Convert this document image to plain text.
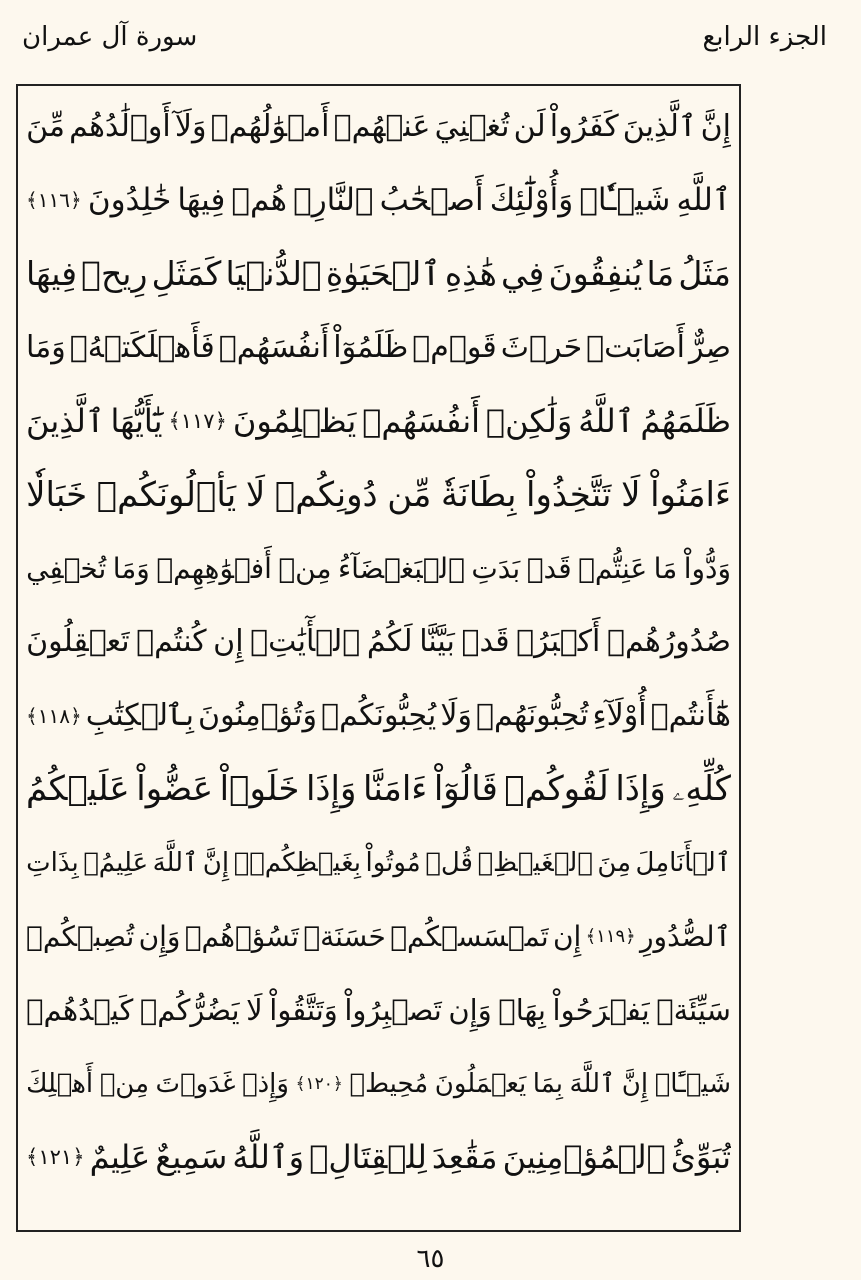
الجزء الرابع
سورة آل عمران
إِنَّ
ٱلَّذِينَ
كَفَرُواْ
لَن
تُغۡنِيَ
عَنۡهُمۡ
أَمۡوَٰلُهُمۡ
وَلَآ
أَوۡلَٰدُهُم
مِّنَ
ٱللَّهِ
شَيۡـٔٗاۖ
وَأُوْلَٰٓئِكَ
أَصۡحَٰبُ
ٱلنَّارِۖ
هُمۡ
فِيهَا
خَٰلِدُونَ
﴿١١٦﴾
مَثَلُ
مَا
يُنفِقُونَ
فِي
هَٰذِهِ
ٱلۡحَيَوٰةِ
ٱلدُّنۡيَا
كَمَثَلِ
رِيحٖ
فِيهَا
صِرٌّ
أَصَابَتۡ
حَرۡثَ
قَوۡمٖ
ظَلَمُوٓاْ
أَنفُسَهُمۡ
فَأَهۡلَكَتۡهُۚ
وَمَا
ظَلَمَهُمُ
ٱللَّهُ
وَلَٰكِنۡ
أَنفُسَهُمۡ
يَظۡلِمُونَ
﴿١١٧﴾
يَٰٓأَيُّهَا
ٱلَّذِينَ
ءَامَنُواْ
لَا
تَتَّخِذُواْ
بِطَانَةٗ
مِّن
دُونِكُمۡ
لَا
يَأۡلُونَكُمۡ
خَبَالٗا
وَدُّواْ
مَا
عَنِتُّمۡ
قَدۡ
بَدَتِ
ٱلۡبَغۡضَآءُ
مِنۡ
أَفۡوَٰهِهِمۡ
وَمَا
تُخۡفِي
صُدُورُهُمۡ
أَكۡبَرُۚ
قَدۡ
بَيَّنَّا
لَكُمُ
ٱلۡأٓيَٰتِۖ
إِن
كُنتُمۡ
تَعۡقِلُونَ
هَٰٓأَنتُمۡ
أُوْلَآءِ
تُحِبُّونَهُمۡ
وَلَا
يُحِبُّونَكُمۡ
وَتُؤۡمِنُونَ
بِٱلۡكِتَٰبِ
﴿١١٨﴾
كُلِّهِۦ
وَإِذَا
لَقُوكُمۡ
قَالُوٓاْ
ءَامَنَّا
وَإِذَا
خَلَوۡاْ
عَضُّواْ
عَلَيۡكُمُ
ٱلۡأَنَامِلَ
مِنَ
ٱلۡغَيۡظِۚ
قُلۡ
مُوتُواْ
بِغَيۡظِكُمۡۗ
إِنَّ
ٱللَّهَ
عَلِيمُۢ
بِذَاتِ
ٱلصُّدُورِ
﴿١١٩﴾
إِن
تَمۡسَسۡكُمۡ
حَسَنَةٞ
تَسُؤۡهُمۡ
وَإِن
تُصِبۡكُمۡ
سَيِّئَةٞ
يَفۡرَحُواْ
بِهَاۖ
وَإِن
تَصۡبِرُواْ
وَتَتَّقُواْ
لَا
يَضُرُّكُمۡ
كَيۡدُهُمۡ
شَيۡـًٔاۗ
إِنَّ
ٱللَّهَ
بِمَا
يَعۡمَلُونَ
مُحِيطٞ
﴿١٢٠﴾
وَإِذۡ
غَدَوۡتَ
مِنۡ
أَهۡلِكَ
تُبَوِّئُ
ٱلۡمُؤۡمِنِينَ
مَقَٰعِدَ
لِلۡقِتَالِۗ
وَٱللَّهُ
سَمِيعٌ
عَلِيمٌ
﴿١٢١﴾
٦٥
